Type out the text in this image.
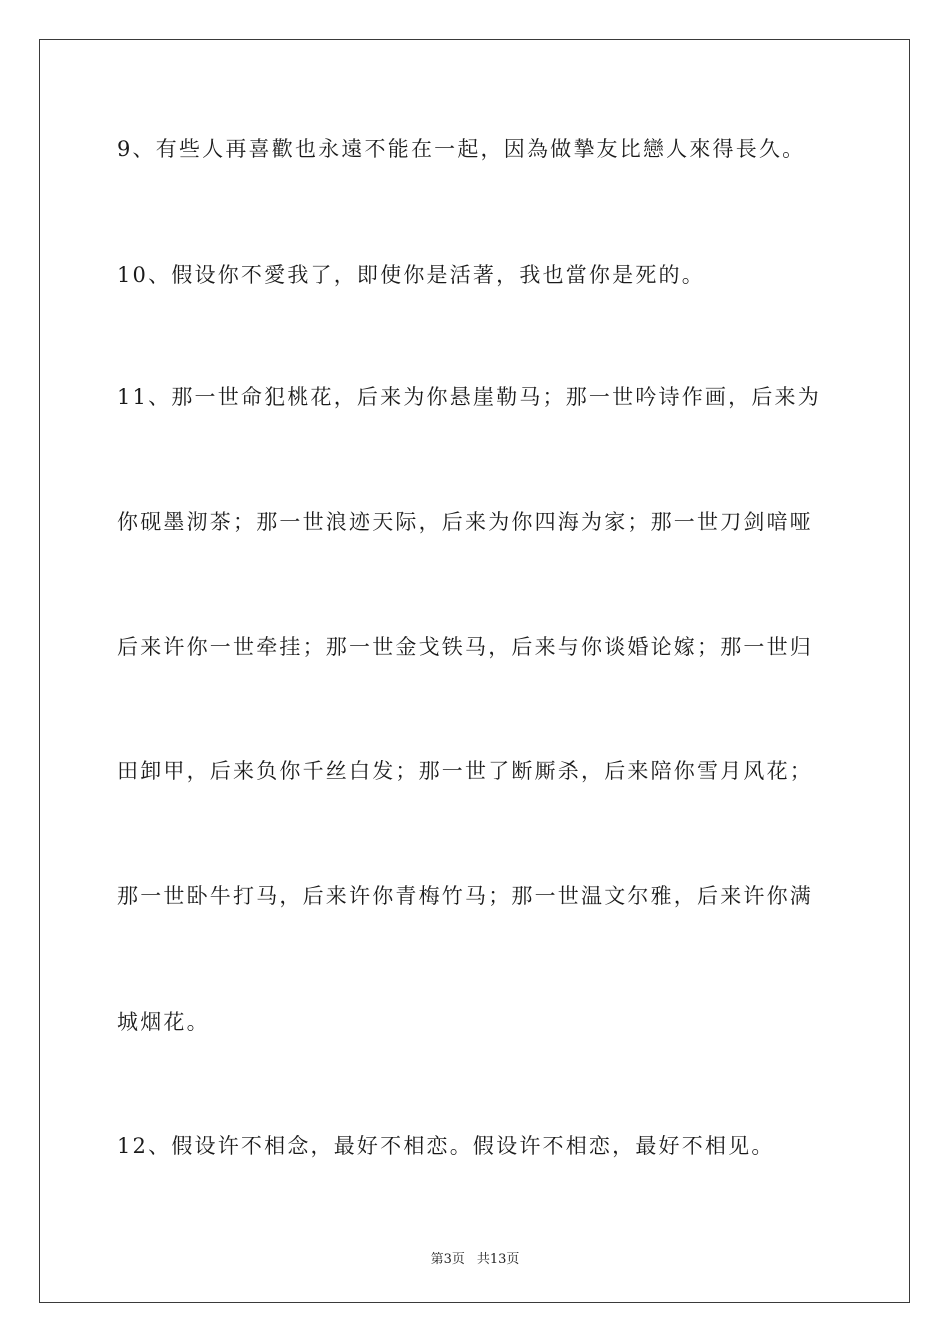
9、有些人再喜歡也永遠不能在一起，因為做摯友比戀人來得長久。
10、假设你不愛我了，即使你是活著，我也當你是死的。
11、那一世命犯桃花，后来为你悬崖勒马；那一世吟诗作画，后来为
你砚墨沏茶；那一世浪迹天际，后来为你四海为家；那一世刀剑喑哑
后来许你一世牵挂；那一世金戈铁马，后来与你谈婚论嫁；那一世归
田卸甲，后来负你千丝白发；那一世了断厮杀，后来陪你雪月风花；
那一世卧牛打马，后来许你青梅竹马；那一世温文尔雅，后来许你满
城烟花。
12、假设许不相念，最好不相恋。假设许不相恋，最好不相见。
第3页 共13页
